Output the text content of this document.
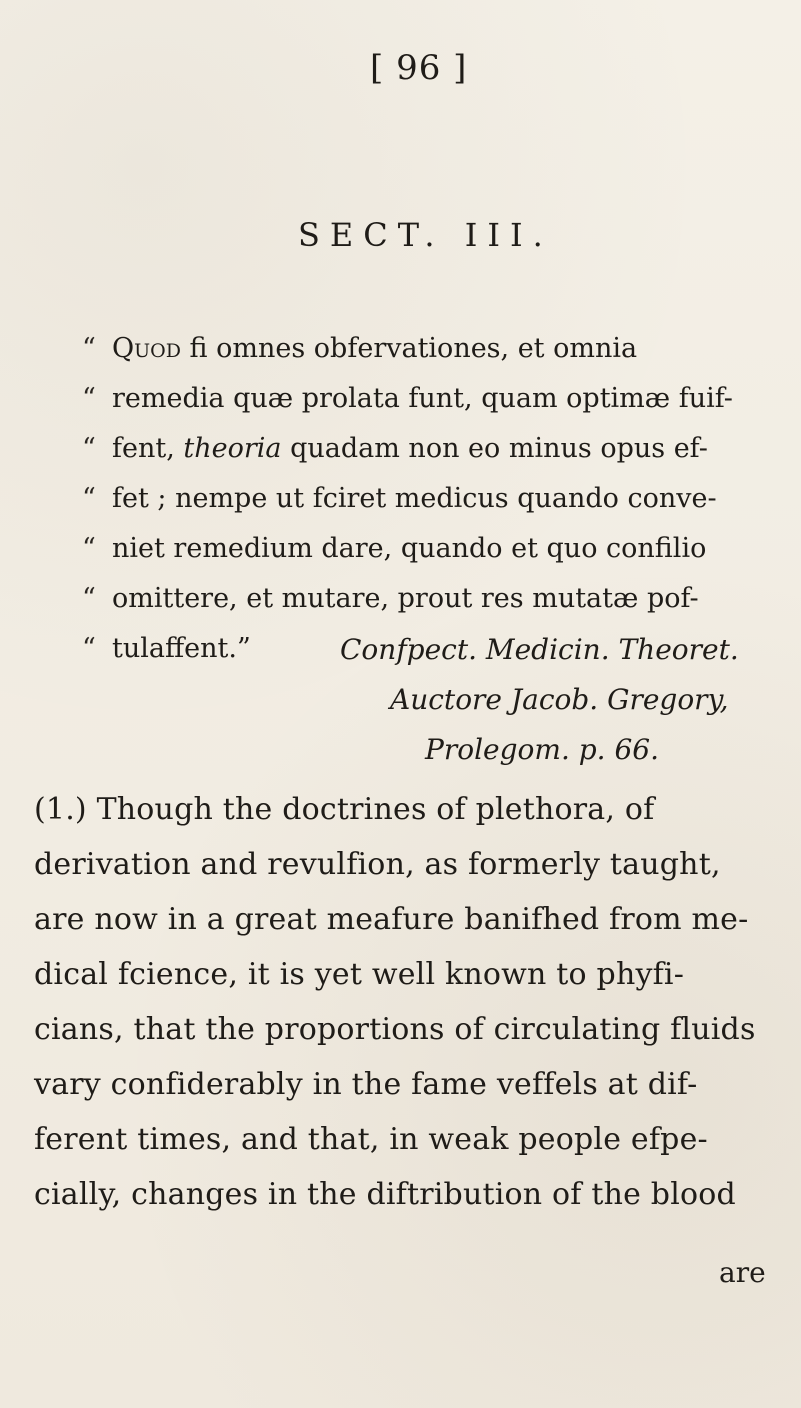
[ 96 ]
SECT. III.
“ Quod fi omnes obfervationes, et omnia
“ remedia quæ prolata funt, quam optimæ fuif-
“ fent, theoria quadam non eo minus opus ef-
“ fet ; nempe ut fciret medicus quando conve-
“ niet remedium dare, quando et quo confilio
“ omittere, et mutare, prout res mutatæ pof-
“ tulaffent.”	Confpect. Medicin. Theoret.
Auctore Jacob. Gregory,
Prolegom. p. 66.
(1.) Though the doctrines of plethora, of
derivation and revulfion, as formerly taught,
are now in a great meafure banifhed from me-
dical fcience, it is yet well known to phyfi-
cians, that the proportions of circulating fluids
vary confiderably in the fame veffels at dif-
ferent times, and that, in weak people efpe-
cially, changes in the diftribution of the blood
are
